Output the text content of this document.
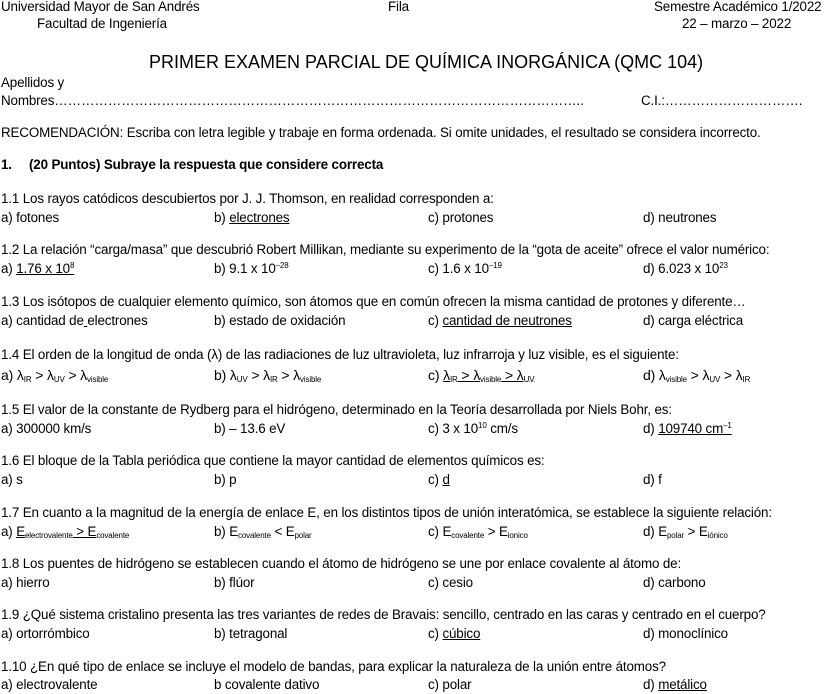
Universidad Mayor de San Andrés
Facultad de Ingeniería
Fila	Semestre Académico 1/2022
22 – marzo – 2022
PRIMER EXAMEN PARCIAL DE QUÍMICA INORGÁNICA (QMC 104)
Apellidos y
Nombres………………………………………………………………………………………………………..	C.I.:………………………….
RECOMENDACIÓN: Escriba con letra legible y trabaje en forma ordenada. Si omite unidades, el resultado se considera incorrecto.
1. (20 Puntos) Subraye la respuesta que considere correcta
1.1 Los rayos catódicos descubiertos por J. J. Thomson, en realidad corresponden a:
a) fotones	b) electrones	c) protones	d) neutrones
1.2 La relación “carga/masa” que descubrió Robert Millikan, mediante su experimento de la “gota de aceite” ofrece el valor numérico:
a) 1.76 x $10^8$	b) 9.1 x $10^{-28}$	c) 1.6 x $10^{-19}$	d) 6.023 x $10^{23}$
1.3 Los isótopos de cualquier elemento químico, son átomos que en común ofrecen la misma cantidad de protones y diferente…
a) cantidad de electrones	b) estado de oxidación	c) cantidad de neutrones	d) carga eléctrica
1.4 El orden de la longitud de onda (λ) de las radiaciones de luz ultravioleta, luz infrarroja y luz visible, es el siguiente:
a) $\lambda_{IR} > \lambda_{UV} > \lambda_{visible}$	b) $\lambda_{UV} > \lambda_{IR} > \lambda_{visible}$	c) $\lambda_{IR} > \lambda_{visible} > \lambda_{UV}$	d) $\lambda_{visible} > \lambda_{UV} > \lambda_{IR}$
1.5 El valor de la constante de Rydberg para el hidrógeno, determinado en la Teoría desarrollada por Niels Bohr, es:
a) 300000 km/s	b) – 13.6 eV	c) 3 x $10^{10}$ cm/s	d) 109740 $cm^{-1}$
1.6 El bloque de la Tabla periódica que contiene la mayor cantidad de elementos químicos es:
a) s	b) p	c) d	d) f
1.7 En cuanto a la magnitud de la energía de enlace E, en los distintos tipos de unión interatómica, se establece la siguiente relación:
a) $E_{electrovalente} > E_{covalente}$	b) $E_{covalente} < E_{polar}$	c) $E_{covalente} > E_{ionico}$	d) $E_{polar} > E_{iónico}$
1.8 Los puentes de hidrógeno se establecen cuando el átomo de hidrógeno se une por enlace covalente al átomo de:
a) hierro	b) flúor	c) cesio	d) carbono
1.9 ¿Qué sistema cristalino presenta las tres variantes de redes de Bravais: sencillo, centrado en las caras y centrado en el cuerpo?
a) ortorrómbico	b) tetragonal	c) cúbico	d) monoclínico
1.10 ¿En qué tipo de enlace se incluye el modelo de bandas, para explicar la naturaleza de la unión entre átomos?
a) electrovalente	b covalente dativo	c) polar	d) metálico
